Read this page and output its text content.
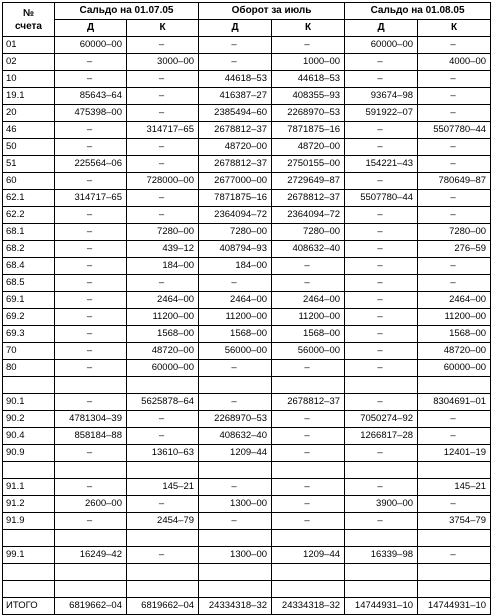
№
счета	Сальдо на 01.07.05		Оборот за июль		Сальдо на 01.08.05	
	Д	К	Д	К	Д	К
01	60000–00	–	–	–	60000–00	–
02	–	3000–00	–	1000–00	–	4000–00
10	–	–	44618–53	44618–53	–	–
19.1	85643–64	–	416387–27	408355–93	93674–98	–
20	475398–00	–	2385494–60	2268970–53	591922–07	–
46	–	314717–65	2678812–37	7871875–16	–	5507780–44
50	–	–	48720–00	48720–00	–	–
51	225564–06	–	2678812–37	2750155–00	154221–43	–
60	–	728000–00	2677000–00	2729649–87	–	780649–87
62.1	314717–65	–	7871875–16	2678812–37	5507780–44	–
62.2	–	–	2364094–72	2364094–72	–	–
68.1	–	7280–00	7280–00	7280–00	–	7280–00
68.2	–	439–12	408794–93	408632–40	–	276–59
68.4	–	184–00	184–00	–	–	–
68.5	–	–	–	–	–	–
69.1	–	2464–00	2464–00	2464–00	–	2464–00
69.2	–	11200–00	11200–00	11200–00	–	11200–00
69.3	–	1568–00	1568–00	1568–00	–	1568–00
70	–	48720–00	56000–00	56000–00	–	48720–00
80	–	60000–00	–	–	–	60000–00

90.1	–	5625878–64	–	2678812–37	–	8304691–01
90.2	4781304–39	–	2268970–53	–	7050274–92	–
90.4	858184–88	–	408632–40	–	1266817–28	–
90.9	–	13610–63	1209–44	–	–	12401–19

91.1	–	145–21	–	–	–	145–21
91.2	2600–00	–	1300–00	–	3900–00	–
91.9	–	2454–79	–	–	–	3754–79

99.1	16249–42	–	1300–00	1209–44	16339–98	–

ИТОГО	6819662–04	6819662–04	24334318–32	24334318–32	14744931–10	14744931–10
